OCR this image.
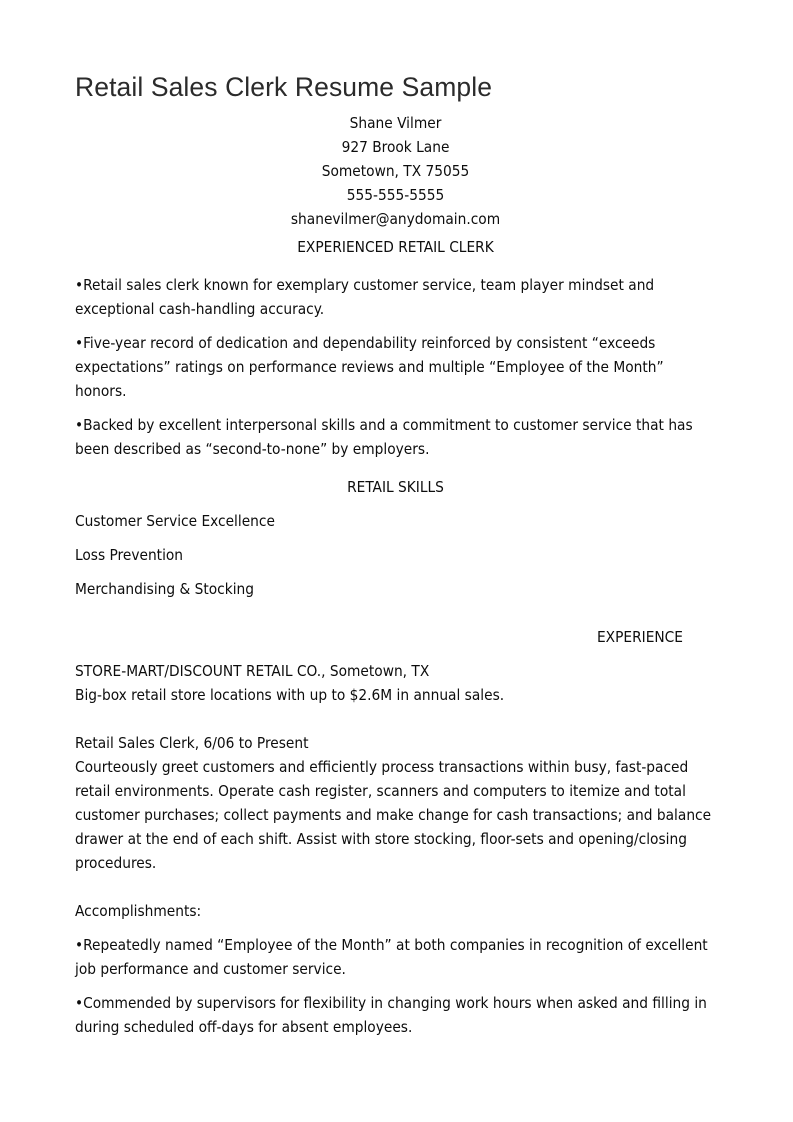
Retail Sales Clerk Resume Sample

Shane Vilmer

927 Brook Lane

Sometown, TX 75055

555-555-5555

shanevilmer@anydomain.com

EXPERIENCED RETAIL CLERK

•Retail sales clerk known for exemplary customer service, team player mindset and exceptional cash-handling accuracy.

•Five-year record of dedication and dependability reinforced by consistent “exceeds expectations” ratings on performance reviews and multiple “Employee of the Month” honors.

•Backed by excellent interpersonal skills and a commitment to customer service that has been described as “second-to-none” by employers.

RETAIL SKILLS

Customer Service Excellence

Loss Prevention

Merchandising & Stocking

EXPERIENCE

STORE-MART/DISCOUNT RETAIL CO., Sometown, TX

Big-box retail store locations with up to $2.6M in annual sales.

Retail Sales Clerk, 6/06 to Present

Courteously greet customers and efficiently process transactions within busy, fast-paced retail environments. Operate cash register, scanners and computers to itemize and total customer purchases; collect payments and make change for cash transactions; and balance drawer at the end of each shift. Assist with store stocking, floor-sets and opening/closing procedures.

Accomplishments:

•Repeatedly named “Employee of the Month” at both companies in recognition of excellent job performance and customer service.

•Commended by supervisors for flexibility in changing work hours when asked and filling in during scheduled off-days for absent employees.
